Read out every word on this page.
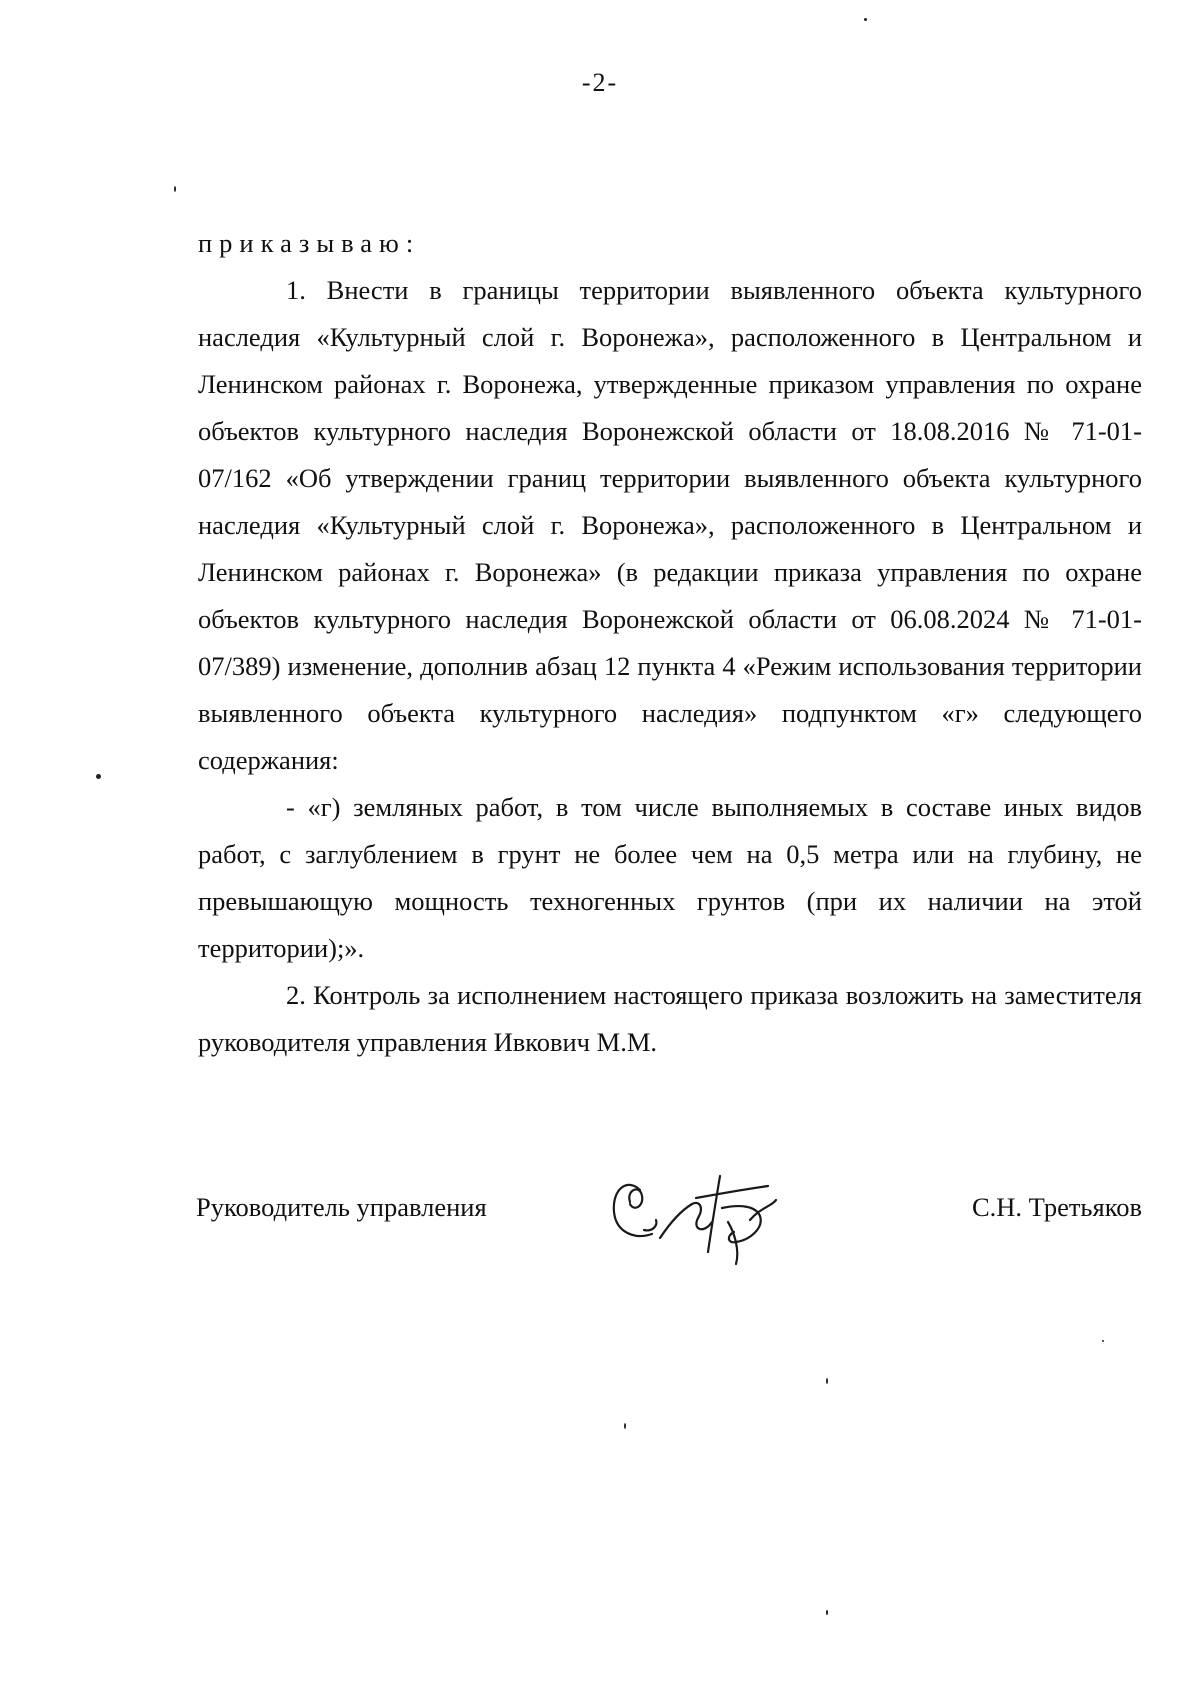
-2-

приказываю:

1. Внести в границы территории выявленного объекта культурного наследия «Культурный слой г. Воронежа», расположенного в Центральном и Ленинском районах г. Воронежа, утвержденные приказом управления по охране объектов культурного наследия Воронежской области от 18.08.2016 № 71-01-07/162 «Об утверждении границ территории выявленного объекта культурного наследия «Культурный слой г. Воронежа», расположенного в Центральном и Ленинском районах г. Воронежа» (в редакции приказа управления по охране объектов культурного наследия Воронежской области от 06.08.2024 № 71-01-07/389) изменение, дополнив абзац 12 пункта 4 «Режим использования территории выявленного объекта культурного наследия» подпунктом «г» следующего содержания:

- «г) земляных работ, в том числе выполняемых в составе иных видов работ, с заглублением в грунт не более чем на 0,5 метра или на глубину, не превышающую мощность техногенных грунтов (при их наличии на этой территории);».

2. Контроль за исполнением настоящего приказа возложить на заместителя руководителя управления Ивкович М.М.

Руководитель управления	С.Н. Третьяков
